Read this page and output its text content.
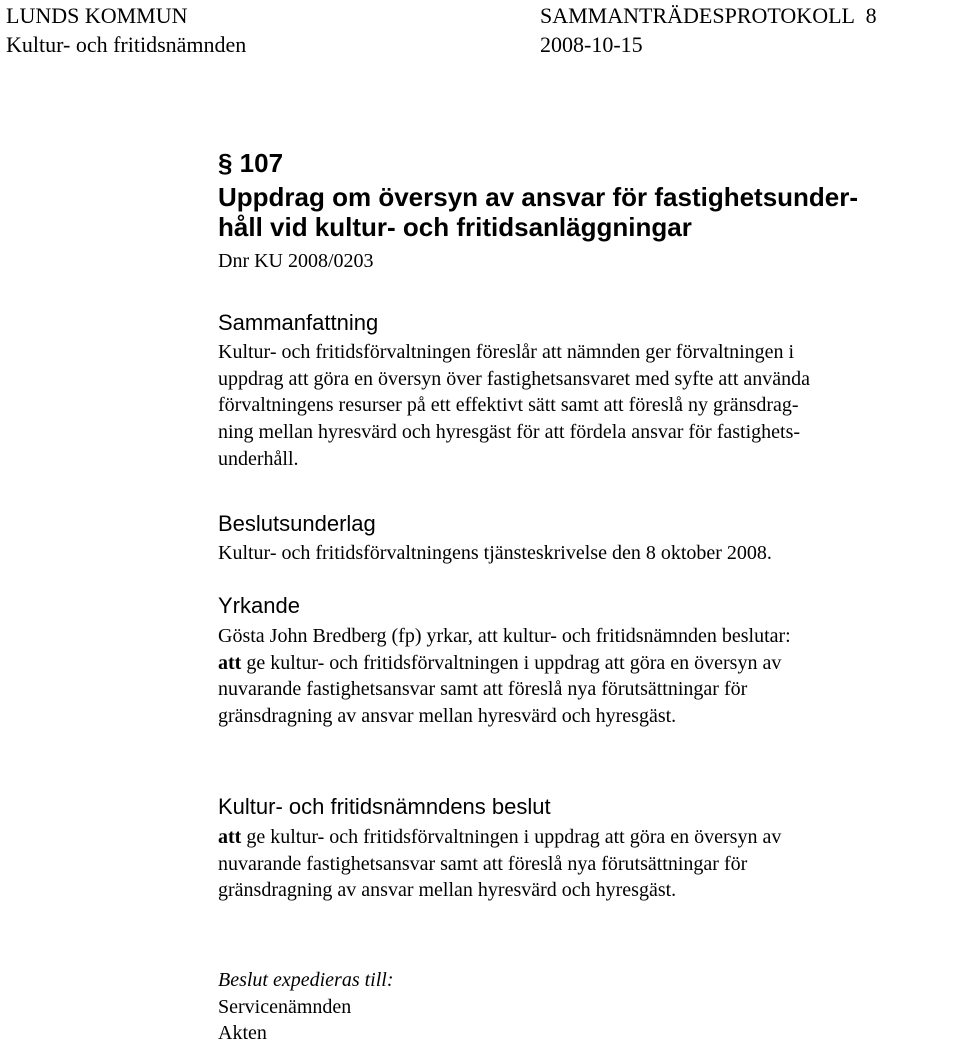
LUNDS KOMMUN	SAMMANTRÄDESPROTOKOLL 8
Kultur- och fritidsnämnden	2008-10-15
§ 107
Uppdrag om översyn av ansvar för fastighetsunder-
håll vid kultur- och fritidsanläggningar
Dnr KU 2008/0203
Sammanfattning
Kultur- och fritidsförvaltningen föreslår att nämnden ger förvaltningen i
uppdrag att göra en översyn över fastighetsansvaret med syfte att använda
förvaltningens resurser på ett effektivt sätt samt att föreslå ny gränsdrag-
ning mellan hyresvärd och hyresgäst för att fördela ansvar för fastighets-
underhåll.
Beslutsunderlag
Kultur- och fritidsförvaltningens tjänsteskrivelse den 8 oktober 2008.
Yrkande
Gösta John Bredberg (fp) yrkar, att kultur- och fritidsnämnden beslutar:
att ge kultur- och fritidsförvaltningen i uppdrag att göra en översyn av
nuvarande fastighetsansvar samt att föreslå nya förutsättningar för
gränsdragning av ansvar mellan hyresvärd och hyresgäst.
Kultur- och fritidsnämndens beslut
att ge kultur- och fritidsförvaltningen i uppdrag att göra en översyn av
nuvarande fastighetsansvar samt att föreslå nya förutsättningar för
gränsdragning av ansvar mellan hyresvärd och hyresgäst.
Beslut expedieras till:
Servicenämnden
Akten
